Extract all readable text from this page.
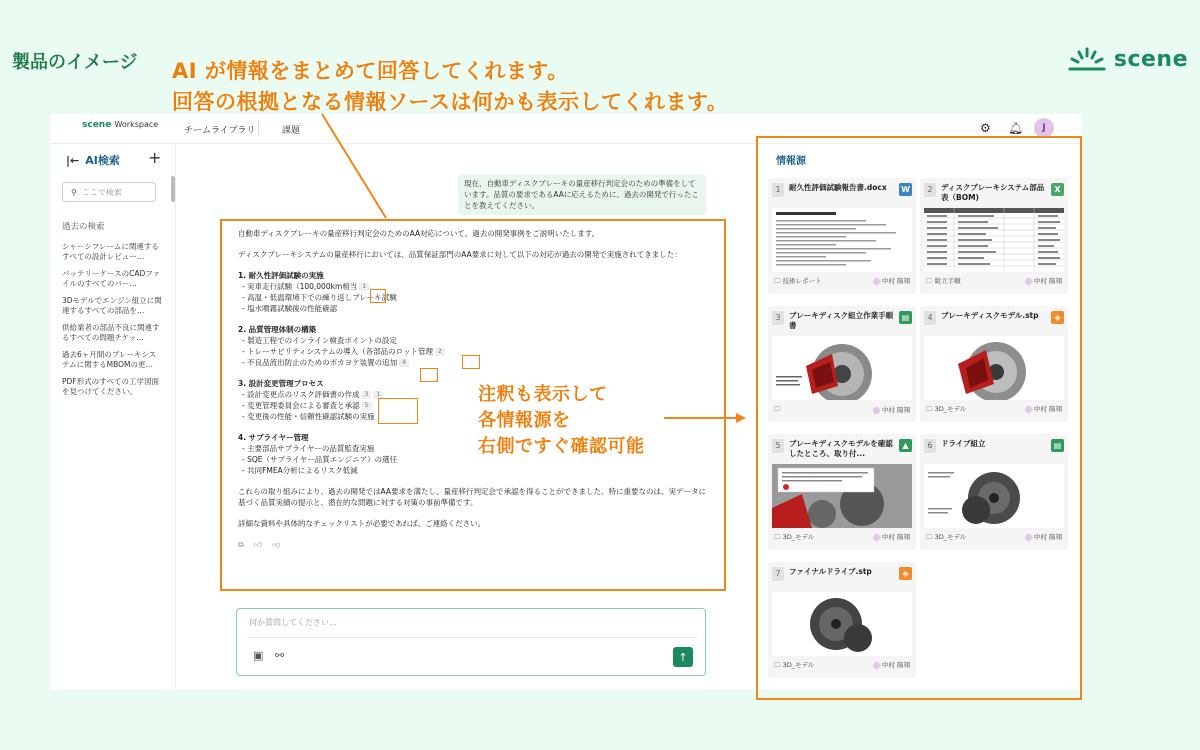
製品のイメージ AI が情報をまとめて回答してくれます。
回答の根拠となる情報ソースは何かも表示してくれます。
scene
scene Workspace
チームライブラリ	課題	⚙ 🔔︎	J
|← AI検索 +
⚲ ここで検索
過去の検索
シャーシフレームに関連するすべての設計レビュー…
バッテリーケースのCADファイルのすべてのバー…
3Dモデルでエンジン組立に関連するすべての部品を…
供給業者の部品不良に関連するすべての問題チケッ…
過去6ヶ月間のブレーキシステムに関するMBOMの更…
PDF形式のすべての工学図面を見つけてください。
現在、自動車ディスクブレーキの量産移行判定会のための準備をしています。品質の要求であるAAに応えるために、過去の開発で行ったことを教えてください。

自動車ディスクブレーキの量産移行判定会のためのAA対応について、過去の開発事例をご説明いたします。

ディスクブレーキシステムの量産移行においては、品質保証部門のAA要求に対して以下の対応が過去の開発で実施されてきました：

1. 耐久性評価試験の実施
- 実車走行試験（100,000km相当 1
- 高温・低温環境下での繰り返しブレーキ試験
- 塩水噴霧試験後の性能確認
2. 品質管理体制の構築
- 製造工程でのインライン検査ポイントの設定
- トレーサビリティシステムの導入（各部品のロット管理 2
- 不良品流出防止のためのポカヨケ装置の追加 4
3. 設計変更管理プロセス
- 設計変更点のリスク評価書の作成 3 1
- 変更管理委員会による審査と承認 5
- 変更後の性能・信頼性確認試験の実施
4. サプライヤー管理
- 主要部品サプライヤーの品質監査実施
- SQE（サプライヤー品質エンジニア）の選任
- 共同FMEA分析によるリスク低減

これらの取り組みにより、過去の開発ではAA要求を満たし、量産移行判定会で承認を得ることができました。特に重要なのは、実データに基づく品質実績の提示と、潜在的な問題に対する対策の事前準備です。

詳細な資料や具体的なチェックリストが必要であれば、ご連絡ください。

⧉ 👍︎ 👎︎
何か質問してください...
▣ ⚯	↑
情報源
1	耐久性評価試験報告書.docx	W
🗀︎ 技術レポート	中村 陽翔
2	ディスクブレーキシステム部品表（BOM)
X
🗀︎ 組立手順	中村 陽翔
3	ブレーキディスク組立作業手順書
▤
🗀︎	中村 陽翔
4	ブレーキディスクモデル.stp	◈
🗀︎ 3D_モデル	中村 陽翔
5	ブレーキディスクモデルを確認したところ、取り付...
▲
🗀︎ 3D_モデル	中村 陽翔
6	ドライブ組立	▤
🗀︎ 3D_モデル	中村 陽翔
7	ファイナルドライブ.stp	◈
🗀︎ 3D_モデル	中村 陽翔
注釈も表示して
各情報源を
右側ですぐ確認可能
